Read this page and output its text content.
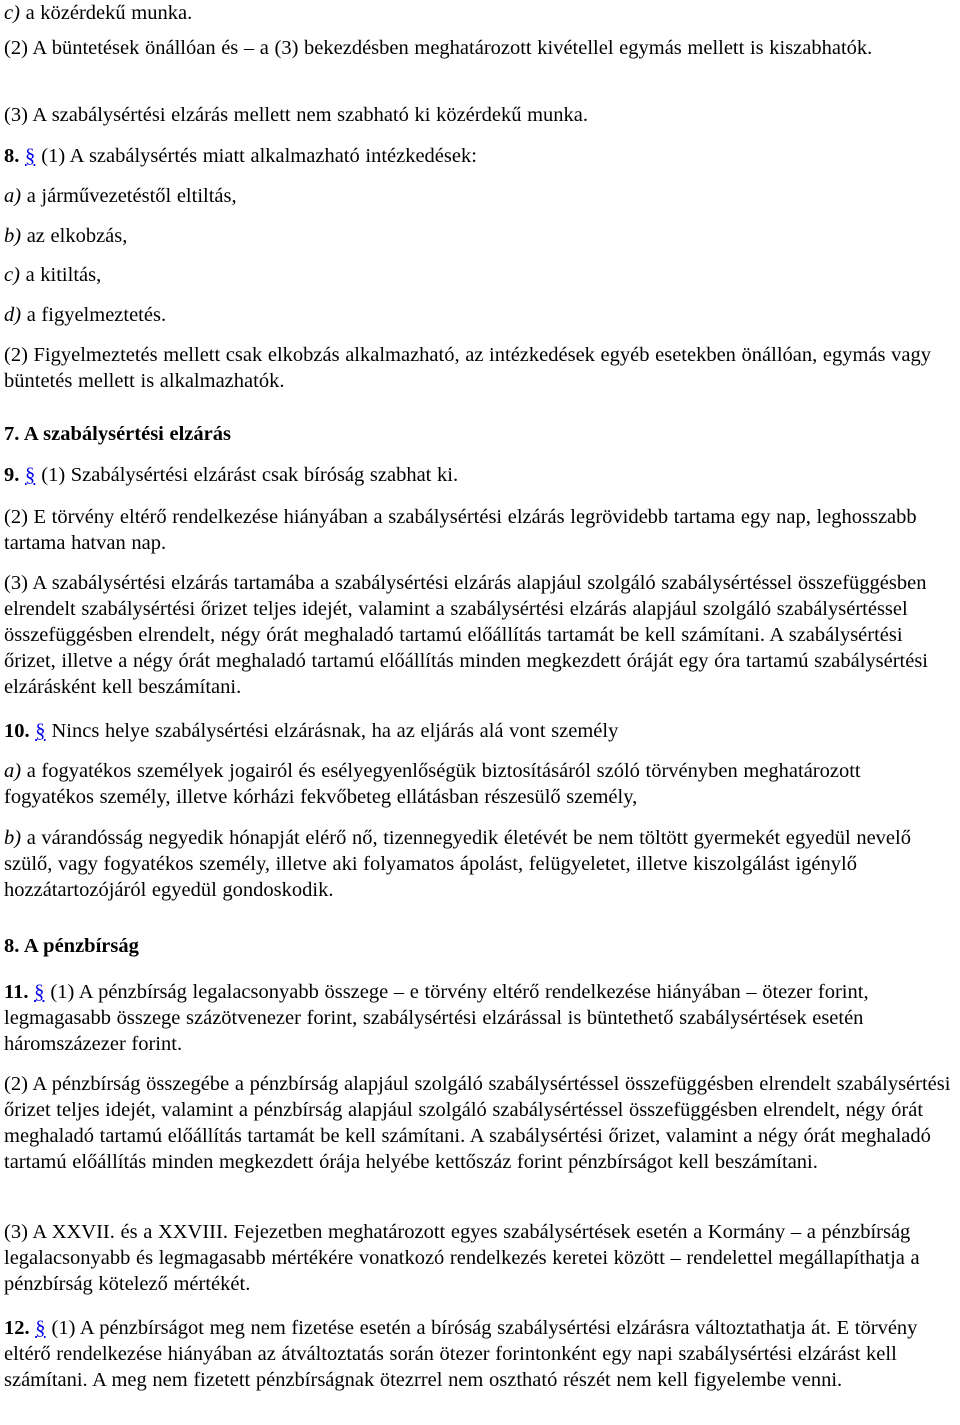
c) a közérdekű munka.

(2) A büntetések önállóan és – a (3) bekezdésben meghatározott kivétellel egymás mellett is kiszabhatók.

(3) A szabálysértési elzárás mellett nem szabható ki közérdekű munka.

8. § (1) A szabálysértés miatt alkalmazható intézkedések:

a) a járművezetéstől eltiltás,

b) az elkobzás,

c) a kitiltás,

d) a figyelmeztetés.

(2) Figyelmeztetés mellett csak elkobzás alkalmazható, az intézkedések egyéb esetekben önállóan, egymás vagy büntetés mellett is alkalmazhatók.

7. A szabálysértési elzárás

9. § (1) Szabálysértési elzárást csak bíróság szabhat ki.

(2) E törvény eltérő rendelkezése hiányában a szabálysértési elzárás legrövidebb tartama egy nap, leghosszabb tartama hatvan nap.

(3) A szabálysértési elzárás tartamába a szabálysértési elzárás alapjául szolgáló szabálysértéssel összefüggésben elrendelt szabálysértési őrizet teljes idejét, valamint a szabálysértési elzárás alapjául szolgáló szabálysértéssel összefüggésben elrendelt, négy órát meghaladó tartamú előállítás tartamát be kell számítani. A szabálysértési őrizet, illetve a négy órát meghaladó tartamú előállítás minden megkezdett óráját egy óra tartamú szabálysértési elzárásként kell beszámítani.

10. § Nincs helye szabálysértési elzárásnak, ha az eljárás alá vont személy

a) a fogyatékos személyek jogairól és esélyegyenlőségük biztosításáról szóló törvényben meghatározott fogyatékos személy, illetve kórházi fekvőbeteg ellátásban részesülő személy,

b) a várandósság negyedik hónapját elérő nő, tizennegyedik életévét be nem töltött gyermekét egyedül nevelő szülő, vagy fogyatékos személy, illetve aki folyamatos ápolást, felügyeletet, illetve kiszolgálást igénylő hozzátartozójáról egyedül gondoskodik.

8. A pénzbírság

11. § (1) A pénzbírság legalacsonyabb összege – e törvény eltérő rendelkezése hiányában – ötezer forint, legmagasabb összege százötvenezer forint, szabálysértési elzárással is büntethető szabálysértések esetén háromszázezer forint.

(2) A pénzbírság összegébe a pénzbírság alapjául szolgáló szabálysértéssel összefüggésben elrendelt szabálysértési őrizet teljes idejét, valamint a pénzbírság alapjául szolgáló szabálysértéssel összefüggésben elrendelt, négy órát meghaladó tartamú előállítás tartamát be kell számítani. A szabálysértési őrizet, valamint a négy órát meghaladó tartamú előállítás minden megkezdett órája helyébe kettőszáz forint pénzbírságot kell beszámítani.

(3) A XXVII. és a XXVIII. Fejezetben meghatározott egyes szabálysértések esetén a Kormány – a pénzbírság legalacsonyabb és legmagasabb mértékére vonatkozó rendelkezés keretei között – rendelettel megállapíthatja a pénzbírság kötelező mértékét.

12. § (1) A pénzbírságot meg nem fizetése esetén a bíróság szabálysértési elzárásra változtathatja át. E törvény eltérő rendelkezése hiányában az átváltoztatás során ötezer forintonként egy napi szabálysértési elzárást kell számítani. A meg nem fizetett pénzbírságnak ötezrrel nem osztható részét nem kell figyelembe venni.
